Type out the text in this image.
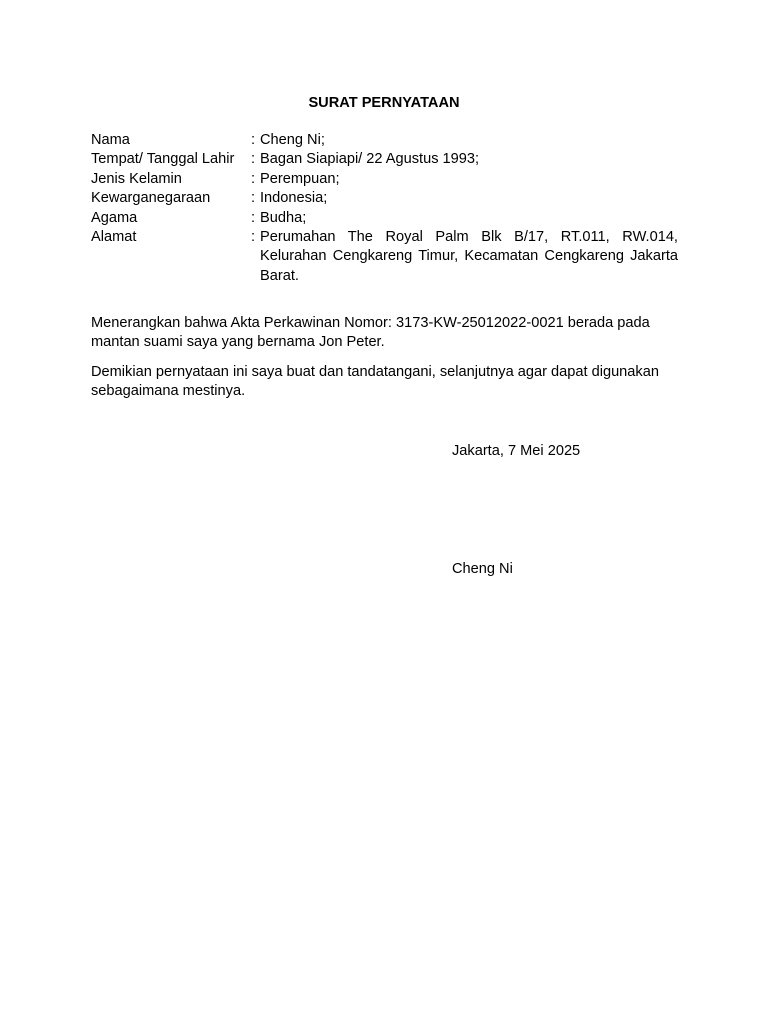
SURAT PERNYATAAN
Nama	: Cheng Ni;
Tempat/ Tanggal Lahir	: Bagan Siapiapi/ 22 Agustus 1993;
Jenis Kelamin	: Perempuan;
Kewarganegaraan	: Indonesia;
Agama	: Budha;
Alamat	: Perumahan The Royal Palm Blk B/17, RT.011, RW.014, Kelurahan Cengkareng Timur, Kecamatan Cengkareng Jakarta Barat.

Menerangkan bahwa Akta Perkawinan Nomor: 3173-KW-25012022-0021 berada pada mantan suami saya yang bernama Jon Peter.

Demikian pernyataan ini saya buat dan tandatangani, selanjutnya agar dapat digunakan sebagaimana mestinya.

Jakarta, 7 Mei 2025
Cheng Ni
